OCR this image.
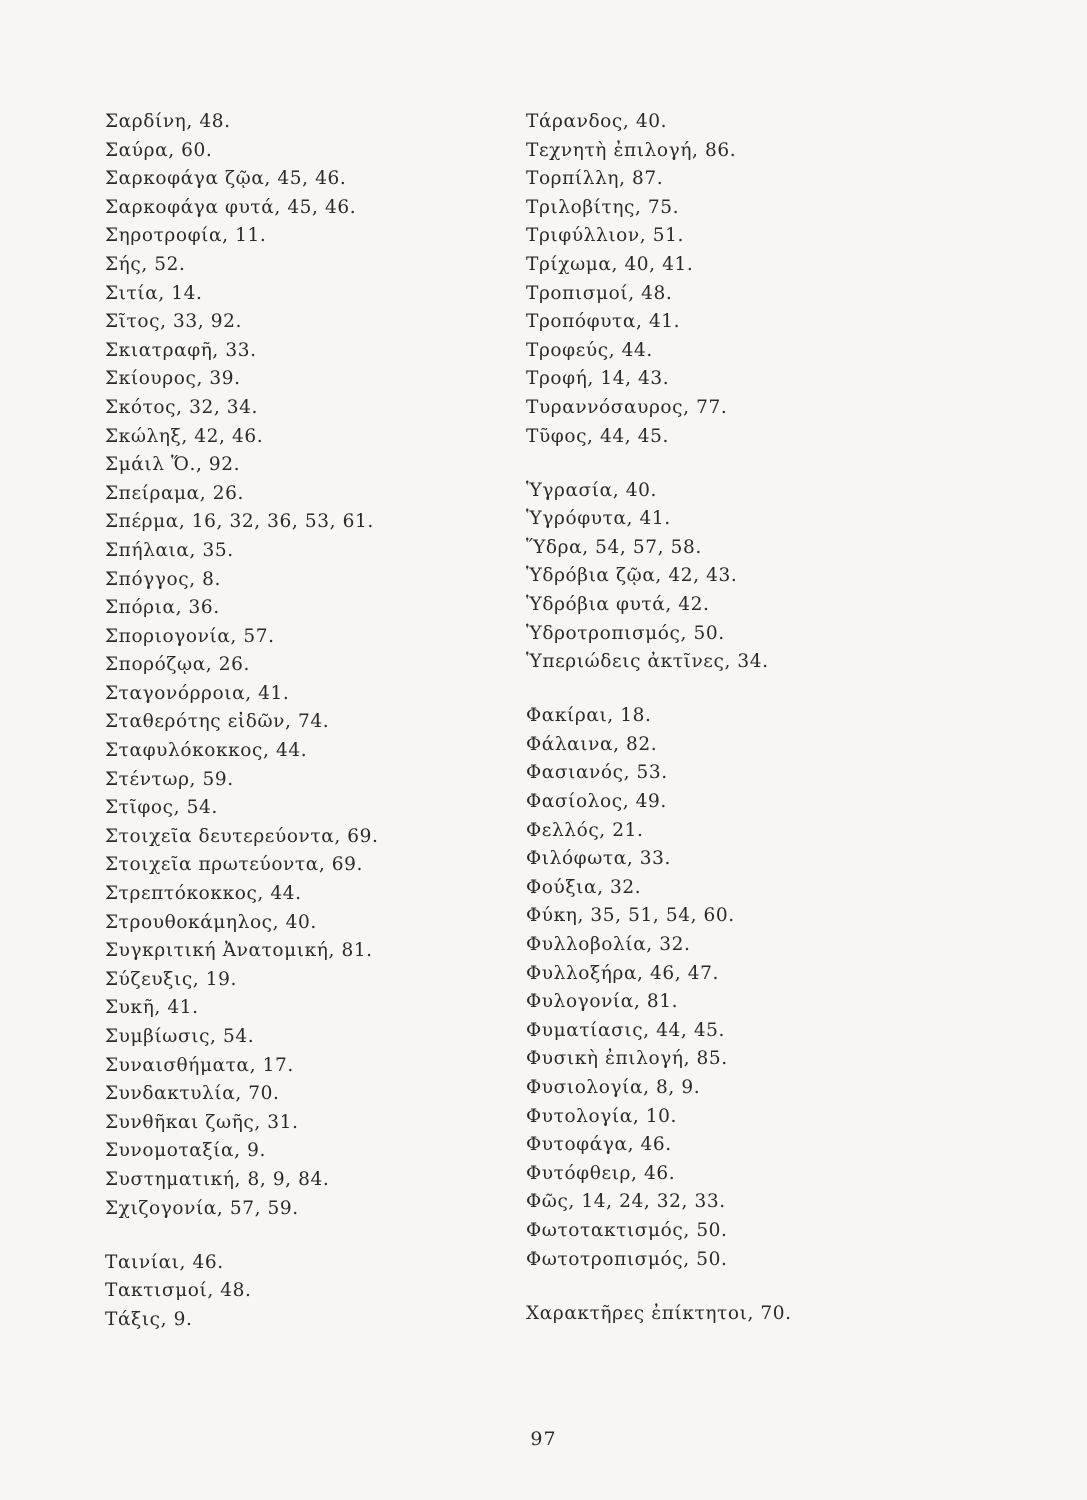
Σαρδίνη, 48.
Σαύρα, 60.
Σαρκοφάγα ζῷα, 45, 46.
Σαρκοφάγα φυτά, 45, 46.
Σηροτροφία, 11.
Σής, 52.
Σιτία, 14.
Σῖτος, 33, 92.
Σκιατραφῆ, 33.
Σκίουρος, 39.
Σκότος, 32, 34.
Σκώληξ, 42, 46.
Σμάιλ Ὅ., 92.
Σπείραμα, 26.
Σπέρμα, 16, 32, 36, 53, 61.
Σπήλαια, 35.
Σπόγγος, 8.
Σπόρια, 36.
Σποριογονία, 57.
Σπορόζῳα, 26.
Σταγονόρροια, 41.
Σταθερότης εἰδῶν, 74.
Σταφυλόκοκκος, 44.
Στέντωρ, 59.
Στῖφος, 54.
Στοιχεῖα δευτερεύοντα, 69.
Στοιχεῖα πρωτεύοντα, 69.
Στρεπτόκοκκος, 44.
Στρουθοκάμηλος, 40.
Συγκριτική Ἀνατομική, 81.
Σύζευξις, 19.
Συκῆ, 41.
Συμβίωσις, 54.
Συναισθήματα, 17.
Συνδακτυλία, 70.
Συνθῆκαι ζωῆς, 31.
Συνομοταξία, 9.
Συστηματική, 8, 9, 84.
Σχιζογονία, 57, 59.
Ταινίαι, 46.
Τακτισμοί, 48.
Τάξις, 9.
Τάρανδος, 40.
Τεχνητὴ ἐπιλογή, 86.
Τορπίλλη, 87.
Τριλοβίτης, 75.
Τριφύλλιον, 51.
Τρίχωμα, 40, 41.
Τροπισμοί, 48.
Τροπόφυτα, 41.
Τροφεύς, 44.
Τροφή, 14, 43.
Τυραννόσαυρος, 77.
Τῦφος, 44, 45.
Ὑγρασία, 40.
Ὑγρόφυτα, 41.
Ὕδρα, 54, 57, 58.
Ὑδρόβια ζῷα, 42, 43.
Ὑδρόβια φυτά, 42.
Ὑδροτροπισμός, 50.
Ὑπεριώδεις ἀκτῖνες, 34.
Φακίραι, 18.
Φάλαινα, 82.
Φασιανός, 53.
Φασίολος, 49.
Φελλός, 21.
Φιλόφωτα, 33.
Φούξια, 32.
Φύκη, 35, 51, 54, 60.
Φυλλοβολία, 32.
Φυλλοξήρα, 46, 47.
Φυλογονία, 81.
Φυματίασις, 44, 45.
Φυσικὴ ἐπιλογή, 85.
Φυσιολογία, 8, 9.
Φυτολογία, 10.
Φυτοφάγα, 46.
Φυτόφθειρ, 46.
Φῶς, 14, 24, 32, 33.
Φωτοτακτισμός, 50.
Φωτοτροπισμός, 50.
Χαρακτῆρες ἐπίκτητοι, 70.
97
